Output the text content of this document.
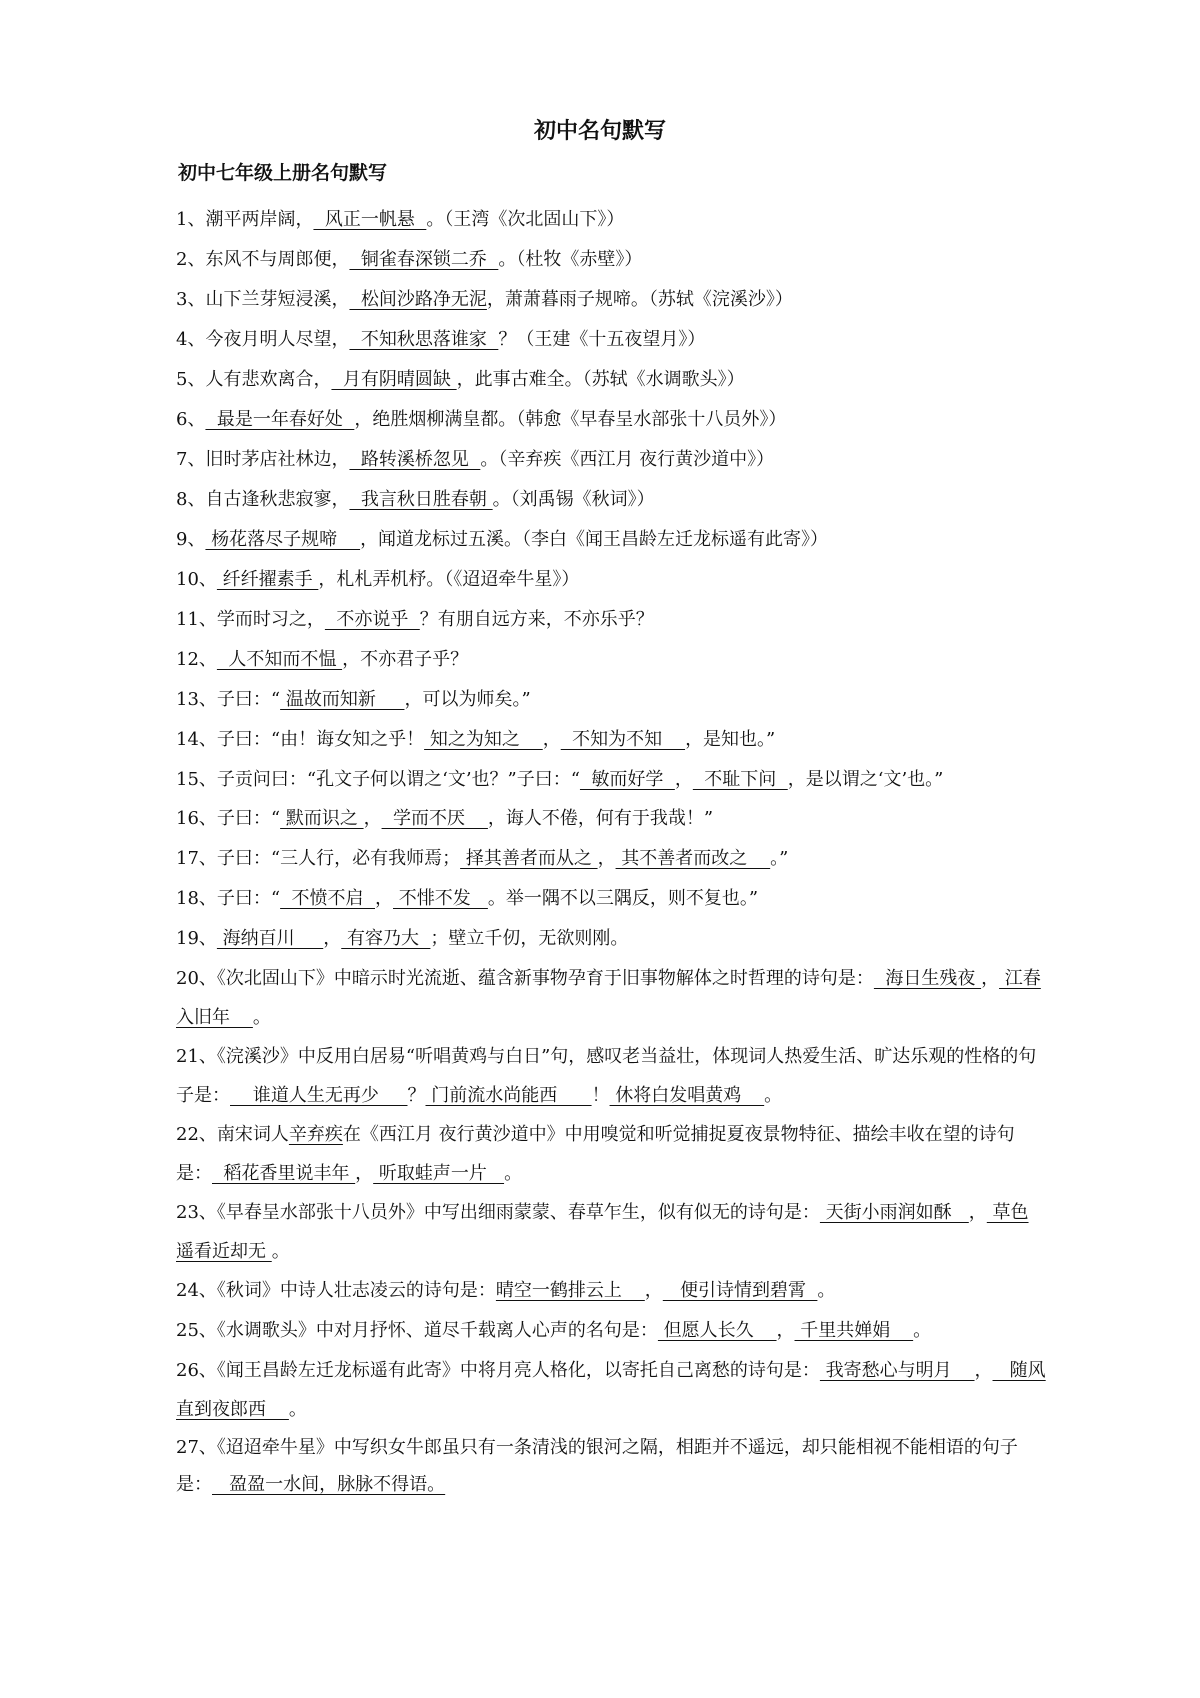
初中名句默写
初中七年级上册名句默写

1、潮平两岸阔，  风正一帆悬  。（王湾《次北固山下》）

2、东风不与周郎便，  铜雀春深锁二乔  。（杜牧《赤壁》）

3、山下兰芽短浸溪，  松间沙路净无泥，萧萧暮雨子规啼。（苏轼《浣溪沙》）

4、今夜月明人尽望，  不知秋思落谁家  ？（王建《十五夜望月》）

5、人有悲欢离合，  月有阴晴圆缺 ，此事古难全。（苏轼《水调歌头》）

6、  最是一年春好处  ，绝胜烟柳满皇都。（韩愈《早春呈水部张十八员外》）

7、旧时茅店社林边，  路转溪桥忽见  。（辛弃疾《西江月 夜行黄沙道中》）

8、自古逢秋悲寂寥，  我言秋日胜春朝 。（刘禹锡《秋词》）

9、 杨花落尽子规啼    ，闻道龙标过五溪。（李白《闻王昌龄左迁龙标遥有此寄》）

10、 纤纤擢素手 ，札札弄机杼。（《迢迢牵牛星》）

11、学而时习之，  不亦说乎  ？有朋自远方来，不亦乐乎？

12、  人不知而不愠 ，不亦君子乎？

13、子曰：“ 温故而知新     ，可以为师矣。”

14、子曰：“由！诲女知之乎！ 知之为知之    ，  不知为不知    ，是知也。”

15、子贡问曰：“孔文子何以谓之‘文’也？”子曰：“  敏而好学  ，  不耻下问  ，是以谓之‘文’也。”

16、子曰：“ 默而识之 ，  学而不厌    ，诲人不倦，何有于我哉！”

17、子曰：“三人行，必有我师焉； 择其善者而从之 ， 其不善者而改之    。”

18、子曰：“  不愤不启  ， 不悱不发   。举一隅不以三隅反，则不复也。”

19、 海纳百川     ， 有容乃大  ；壁立千仞，无欲则刚。

20、《次北固山下》中暗示时光流逝、蕴含新事物孕育于旧事物解体之时哲理的诗句是：  海日生残夜 ， 江春入旧年    。

21、《浣溪沙》中反用白居易“听唱黄鸡与白日”句，感叹老当益壮，体现词人热爱生活、旷达乐观的性格的句子是：    谁道人生无再少     ？ 门前流水尚能西      ！ 休将白发唱黄鸡    。

22、南宋词人辛弃疾在《西江月 夜行黄沙道中》中用嗅觉和听觉捕捉夏夜景物特征、描绘丰收在望的诗句是：  稻花香里说丰年 ， 听取蛙声一片   。

23、《早春呈水部张十八员外》中写出细雨蒙蒙、春草乍生，似有似无的诗句是： 天街小雨润如酥   ， 草色遥看近却无 。

24、《秋词》中诗人壮志凌云的诗句是：晴空一鹤排云上    ，   便引诗情到碧霄  。

25、《水调歌头》中对月抒怀、道尽千载离人心声的名句是： 但愿人长久    ， 千里共婵娟    。

26、《闻王昌龄左迁龙标遥有此寄》中将月亮人格化，以寄托自己离愁的诗句是： 我寄愁心与明月    ，   随风直到夜郎西    。

27、《迢迢牵牛星》中写织女牛郎虽只有一条清浅的银河之隔，相距并不遥远，却只能相视不能相语的句子是：   盈盈一水间，脉脉不得语。
